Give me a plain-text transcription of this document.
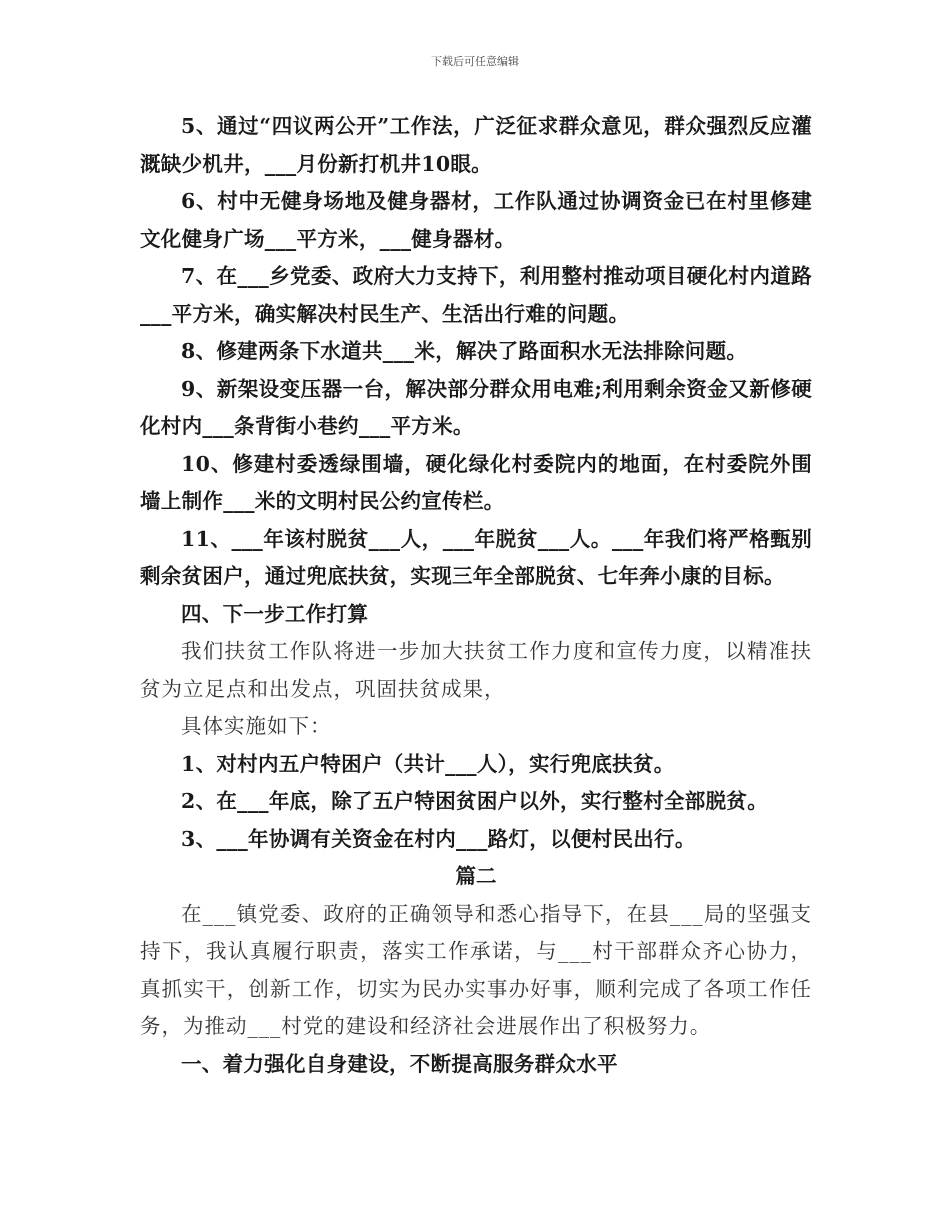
下载后可任意编辑

5、通过“四议两公开”工作法，广泛征求群众意见，群众强烈反应灌溉缺少机井，___月份新打机井10眼。

6、村中无健身场地及健身器材，工作队通过协调资金已在村里修建文化健身广场___平方米，___健身器材。

7、在___乡党委、政府大力支持下，利用整村推动项目硬化村内道路___平方米，确实解决村民生产、生活出行难的问题。

8、修建两条下水道共___米，解决了路面积水无法排除问题。

9、新架设变压器一台，解决部分群众用电难;利用剩余资金又新修硬化村内___条背街小巷约___平方米。

10、修建村委透绿围墙，硬化绿化村委院内的地面，在村委院外围墙上制作___米的文明村民公约宣传栏。

11、___年该村脱贫___人，___年脱贫___人。___年我们将严格甄别剩余贫困户，通过兜底扶贫，实现三年全部脱贫、七年奔小康的目标。

四、下一步工作打算

我们扶贫工作队将进一步加大扶贫工作力度和宣传力度，以精准扶贫为立足点和出发点，巩固扶贫成果，

具体实施如下：

1、对村内五户特困户（共计___人），实行兜底扶贫。

2、在___年底，除了五户特困贫困户以外，实行整村全部脱贫。

3、___年协调有关资金在村内___路灯，以便村民出行。

篇二

在___镇党委、政府的正确领导和悉心指导下，在县___局的坚强支持下，我认真履行职责，落实工作承诺，与___村干部群众齐心协力，真抓实干，创新工作，切实为民办实事办好事，顺利完成了各项工作任务，为推动___村党的建设和经济社会进展作出了积极努力。

一、着力强化自身建设，不断提高服务群众水平
